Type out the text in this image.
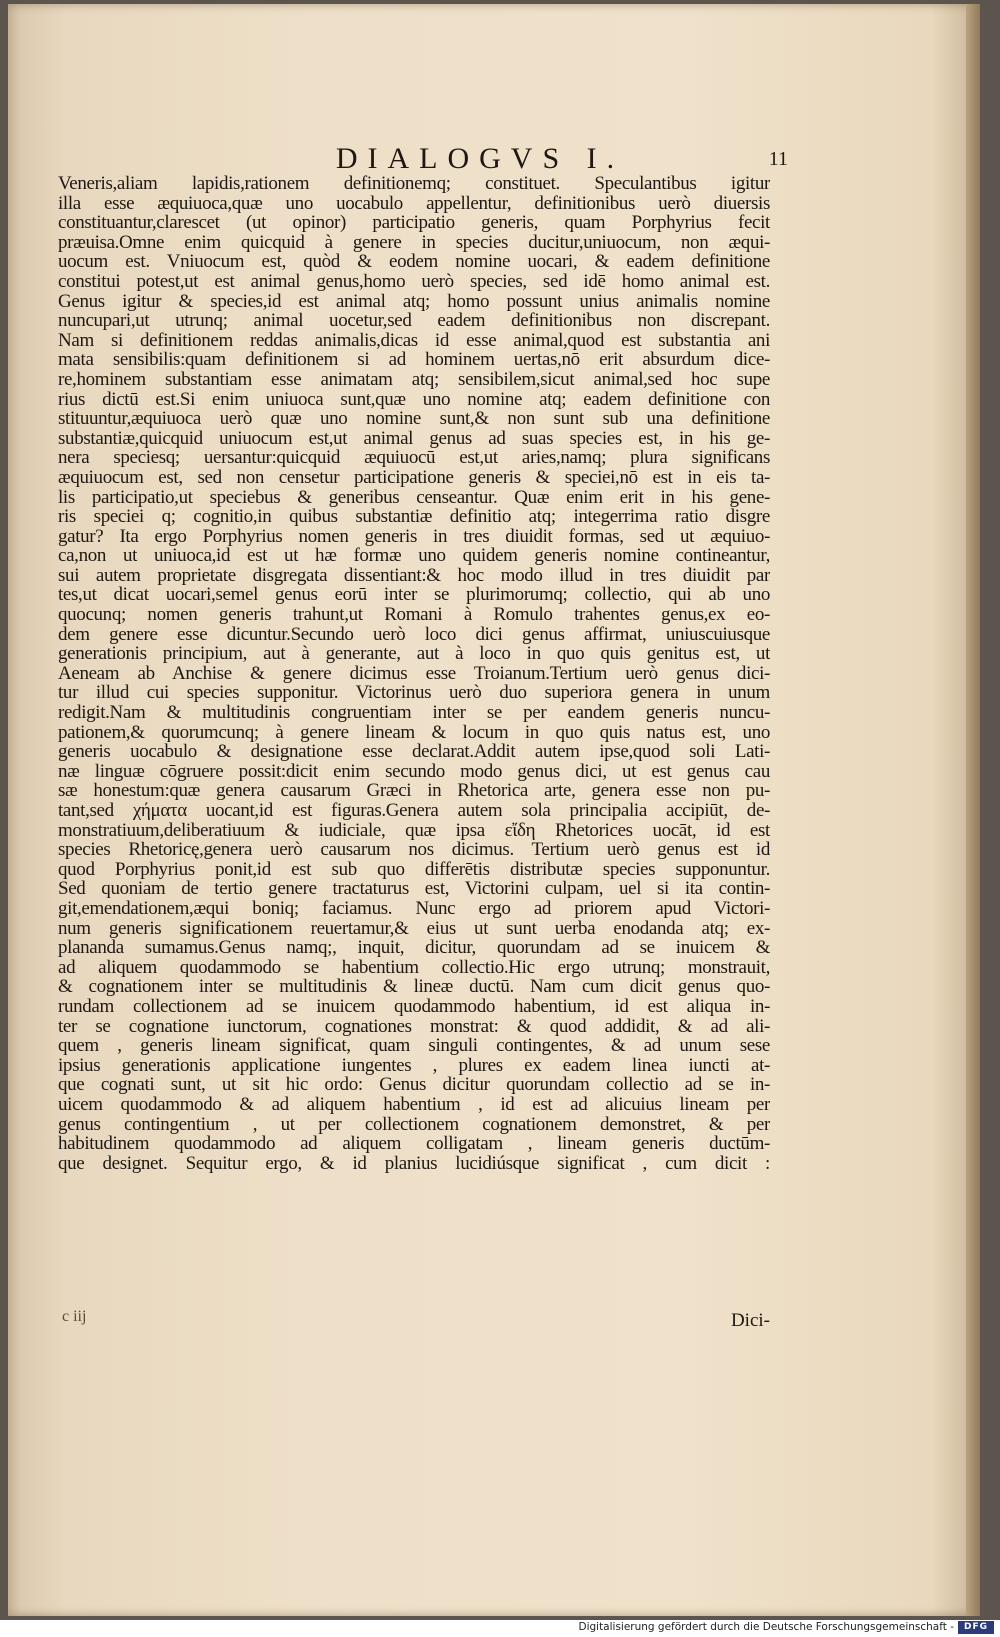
DIALOGVS I.	11
Veneris,aliam lapidis,rationem definitionemq; constituet. Speculantibus igitur
illa esse æquiuoca,quæ uno uocabulo appellentur, definitionibus uerò diuersis
constituantur,clarescet (ut opinor) participatio generis, quam Porphyrius fecit
præuisa.Omne enim quicquid à genere in species ducitur,uniuocum, non æqui-
uocum est. Vniuocum est, quòd & eodem nomine uocari, & eadem definitione
constitui potest,ut est animal genus,homo uerò species, sed idē homo animal est.
Genus igitur & species,id est animal atq; homo possunt unius animalis nomine
nuncupari,ut utrunq; animal uocetur,sed eadem definitionibus non discrepant.
Nam si definitionem reddas animalis,dicas id esse animal,quod est substantia ani
mata sensibilis:quam definitionem si ad hominem uertas,nō erit absurdum dice-
re,hominem substantiam esse animatam atq; sensibilem,sicut animal,sed hoc supe
rius dictū est.Si enim uniuoca sunt,quæ uno nomine atq; eadem definitione con
stituuntur,æquiuoca uerò quæ uno nomine sunt,& non sunt sub una definitione
substantiæ,quicquid uniuocum est,ut animal genus ad suas species est, in his ge-
nera speciesq; uersantur:quicquid æquiuocū est,ut aries,namq; plura significans
æquiuocum est, sed non censetur participatione generis & speciei,nō est in eis ta-
lis participatio,ut speciebus & generibus censeantur. Quæ enim erit in his gene-
ris speciei q; cognitio,in quibus substantiæ definitio atq; integerrima ratio disgre
gatur? Ita ergo Porphyrius nomen generis in tres diuidit formas, sed ut æquiuo-
ca,non ut uniuoca,id est ut hæ formæ uno quidem generis nomine contineantur,
sui autem proprietate disgregata dissentiant:& hoc modo illud in tres diuidit par
tes,ut dicat uocari,semel genus eorū inter se plurimorumq; collectio, qui ab uno
quocunq; nomen generis trahunt,ut Romani à Romulo trahentes genus,ex eo-
dem genere esse dicuntur.Secundo uerò loco dici genus affirmat, uniuscuiusque
generationis principium, aut à generante, aut à loco in quo quis genitus est, ut
Aeneam ab Anchise & genere dicimus esse Troianum.Tertium uerò genus dici-
tur illud cui species supponitur. Victorinus uerò duo superiora genera in unum
redigit.Nam & multitudinis congruentiam inter se per eandem generis nuncu-
pationem,& quorumcunq; à genere lineam & locum in quo quis natus est, uno
generis uocabulo & designatione esse declarat.Addit autem ipse,quod soli Lati-
næ linguæ cōgruere possit:dicit enim secundo modo genus dici, ut est genus cau
sæ honestum:quæ genera causarum Græci in Rhetorica arte, genera esse non pu-
tant,sed χήματα uocant,id est figuras.Genera autem sola principalia accipiūt, de-
monstratiuum,deliberatiuum & iudiciale, quæ ipsa εἴδη Rhetorices uocāt, id est
species Rhetoricę,genera uerò causarum nos dicimus. Tertium uerò genus est id
quod Porphyrius ponit,id est sub quo differētis distributæ species supponuntur.
Sed quoniam de tertio genere tractaturus est, Victorini culpam, uel si ita contin-
git,emendationem,æqui boniq; faciamus. Nunc ergo ad priorem apud Victori-
num generis significationem reuertamur,& eius ut sunt uerba enodanda atq; ex-
plananda sumamus.Genus namq;, inquit, dicitur, quorundam ad se inuicem &
ad aliquem quodammodo se habentium collectio.Hic ergo utrunq; monstrauit,
& cognationem inter se multitudinis & lineæ ductū. Nam cum dicit genus quo-
rundam collectionem ad se inuicem quodammodo habentium, id est aliqua in-
ter se cognatione iunctorum, cognationes monstrat: & quod addidit, & ad ali-
quem , generis lineam significat, quam singuli contingentes, & ad unum sese
ipsius generationis applicatione iungentes , plures ex eadem linea iuncti at-
que cognati sunt, ut sit hic ordo: Genus dicitur quorundam collectio ad se in-
uicem quodammodo & ad aliquem habentium , id est ad alicuius lineam per
genus contingentium , ut per collectionem cognationem demonstret, & per
habitudinem quodammodo ad aliquem colligatam , lineam generis ductūm-
que designet. Sequitur ergo, & id planius lucidiúsque significat , cum dicit :
c iij	Dici-
Digitalisierung gefördert durch die Deutsche Forschungsgemeinschaft -	DFG
